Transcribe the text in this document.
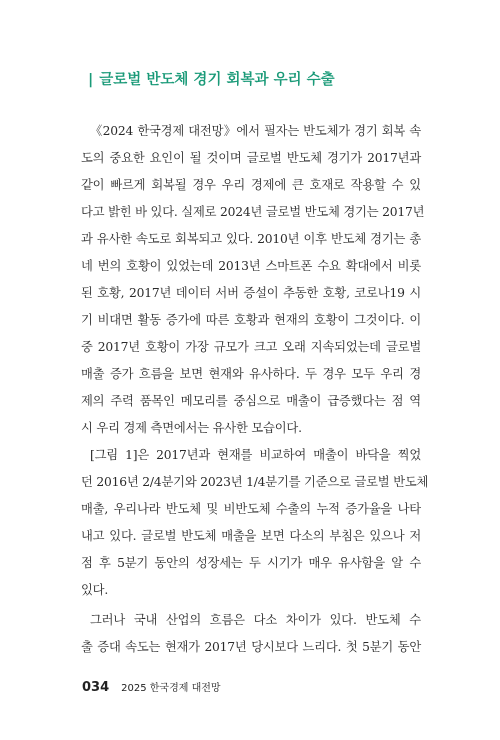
| 글로벌 반도체 경기 회복과 우리 수출
《2024 한국경제 대전망》에서 필자는 반도체가 경기 회복 속
도의 중요한 요인이 될 것이며 글로벌 반도체 경기가 2017년과
같이 빠르게 회복될 경우 우리 경제에 큰 호재로 작용할 수 있
다고 밝힌 바 있다. 실제로 2024년 글로벌 반도체 경기는 2017년
과 유사한 속도로 회복되고 있다. 2010년 이후 반도체 경기는 총
네 번의 호황이 있었는데 2013년 스마트폰 수요 확대에서 비롯
된 호황, 2017년 데이터 서버 증설이 추동한 호황, 코로나19 시
기 비대면 활동 증가에 따른 호황과 현재의 호황이 그것이다. 이
중 2017년 호황이 가장 규모가 크고 오래 지속되었는데 글로벌
매출 증가 흐름을 보면 현재와 유사하다. 두 경우 모두 우리 경
제의 주력 품목인 메모리를 중심으로 매출이 급증했다는 점 역
시 우리 경제 측면에서는 유사한 모습이다.
[그림 1]은 2017년과 현재를 비교하여 매출이 바닥을 찍었
던 2016년 2/4분기와 2023년 1/4분기를 기준으로 글로벌 반도체
매출, 우리나라 반도체 및 비반도체 수출의 누적 증가율을 나타
내고 있다. 글로벌 반도체 매출을 보면 다소의 부침은 있으나 저
점 후 5분기 동안의 성장세는 두 시기가 매우 유사함을 알 수
있다.
그러나 국내 산업의 흐름은 다소 차이가 있다. 반도체 수
출 증대 속도는 현재가 2017년 당시보다 느리다. 첫 5분기 동안
034 2025 한국경제 대전망
